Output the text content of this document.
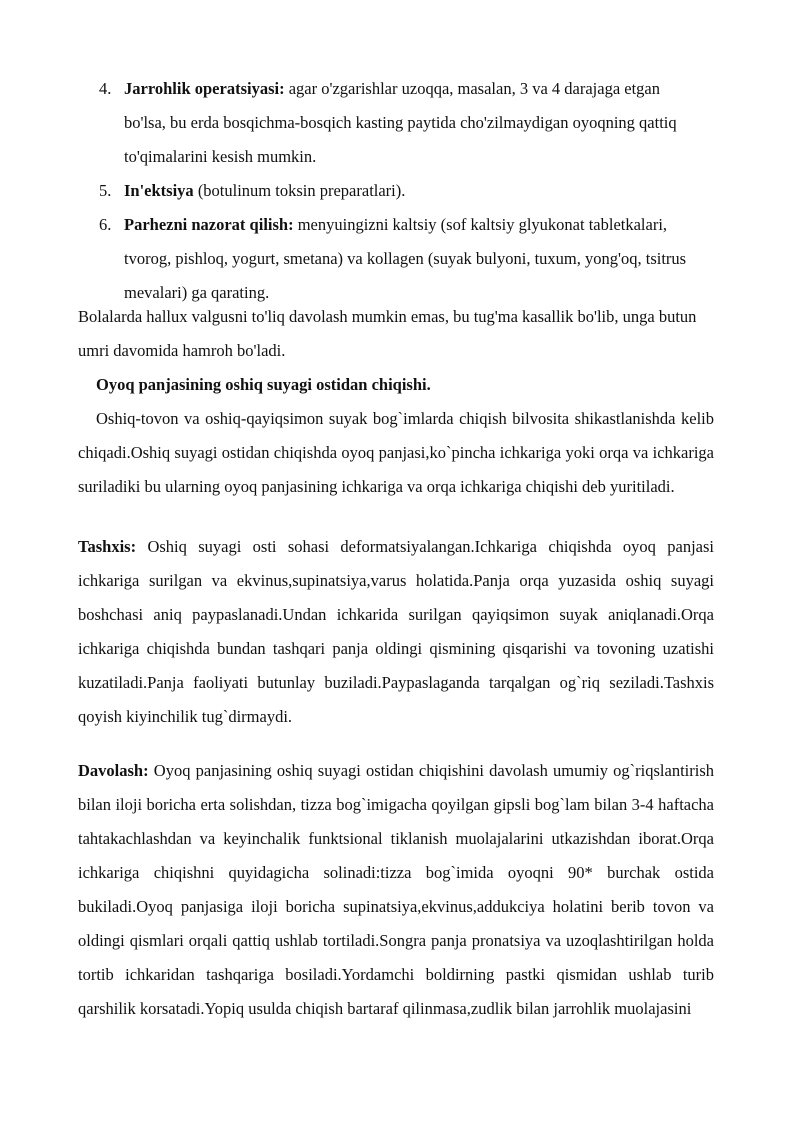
4 . Jarrohlik operatsiyasi: agar o'zgarishlar uzoqqa, masalan, 3 va 4 darajaga etgan bo'lsa, bu erda bosqichma-bosqich kasting paytida cho'zilmaydigan oyoqning qattiq to'qimalarini kesish mumkin.
5 . In'ektsiya (botulinum toksin preparatlari).
6 . Parhezni nazorat qilish: menyuingizni kaltsiy (sof kaltsiy glyukonat tabletkalari, tvorog, pishloq, yogurt, smetana) va kollagen (suyak bulyoni, tuxum, yong'oq, tsitrus mevalari) ga qarating.
Bolalarda hallux valgusni to'liq davolash mumkin emas, bu tug'ma kasallik bo'lib, unga butun umri davomida hamroh bo'ladi.
Oyoq panjasining oshiq suyagi ostidan chiqishi.
Oshiq-tovon va oshiq-qayiqsimon suyak bog`imlarda chiqish bilvosita shikastlanishda kelib chiqadi.Oshiq suyagi ostidan chiqishda oyoq panjasi,ko`pincha ichkariga yoki orqa va ichkariga suriladiki bu ularning oyoq panjasining ichkariga va orqa ichkariga chiqishi deb yuritiladi.
Tashxis: Oshiq suyagi osti sohasi deformatsiyalangan.Ichkariga chiqishda oyoq panjasi ichkariga surilgan va ekvinus,supinatsiya,varus holatida.Panja orqa yuzasida oshiq suyagi boshchasi aniq paypaslanadi.Undan ichkarida surilgan qayiqsimon suyak aniqlanadi.Orqa ichkariga chiqishda bundan tashqari panja oldingi qismining qisqarishi va tovoning uzatishi kuzatiladi.Panja faoliyati butunlay buziladi.Paypaslaganda tarqalgan og`riq seziladi.Tashxis qoyish kiyinchilik tug`dirmaydi.
Davolash: Oyoq panjasining oshiq suyagi ostidan chiqishini davolash umumiy og`riqslantirish bilan iloji boricha erta solishdan, tizza bog`imigacha qoyilgan gipsli bog`lam bilan 3-4 haftacha tahtakachlashdan va keyinchalik funktsional tiklanish muolajalarini utkazishdan iborat.Orqa ichkariga chiqishni quyidagicha solinadi:tizza bog`imida oyoqni 90* burchak ostida bukiladi.Oyoq panjasiga iloji boricha supinatsiya,ekvinus,addukciya holatini berib tovon va oldingi qismlari orqali qattiq ushlab tortiladi.Songra panja pronatsiya va uzoqlashtirilgan holda tortib ichkaridan tashqariga bosiladi.Yordamchi boldirning pastki qismidan ushlab turib qarshilik korsatadi.Yopiq usulda chiqish bartaraf qilinmasa,zudlik bilan jarrohlik muolajasini
